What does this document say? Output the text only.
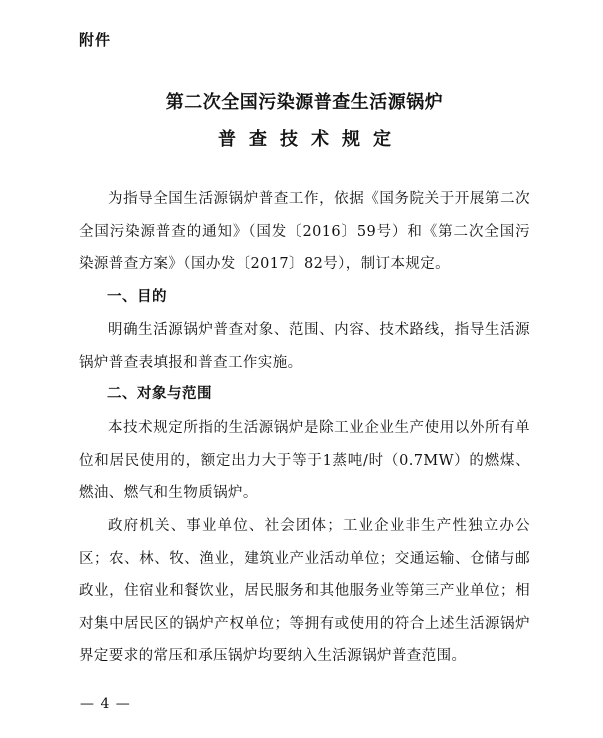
附件
第二次全国污染源普查生活源锅炉
普查技术规定

为指导全国生活源锅炉普查工作，依据《国务院关于开展第二次全国污染源普查的通知》（国发〔2016〕59号）和《第二次全国污染源普查方案》（国办发〔2017〕82号），制订本规定。

一、目的

明确生活源锅炉普查对象、范围、内容、技术路线，指导生活源锅炉普查表填报和普查工作实施。

二、对象与范围

本技术规定所指的生活源锅炉是除工业企业生产使用以外所有单位和居民使用的，额定出力大于等于1蒸吨/时（0.7MW）的燃煤、燃油、燃气和生物质锅炉。

政府机关、事业单位、社会团体；工业企业非生产性独立办公区；农、林、牧、渔业，建筑业产业活动单位；交通运输、仓储与邮政业，住宿业和餐饮业，居民服务和其他服务业等第三产业单位；相对集中居民区的锅炉产权单位；等拥有或使用的符合上述生活源锅炉界定要求的常压和承压锅炉均要纳入生活源锅炉普查范围。

— 4 —
